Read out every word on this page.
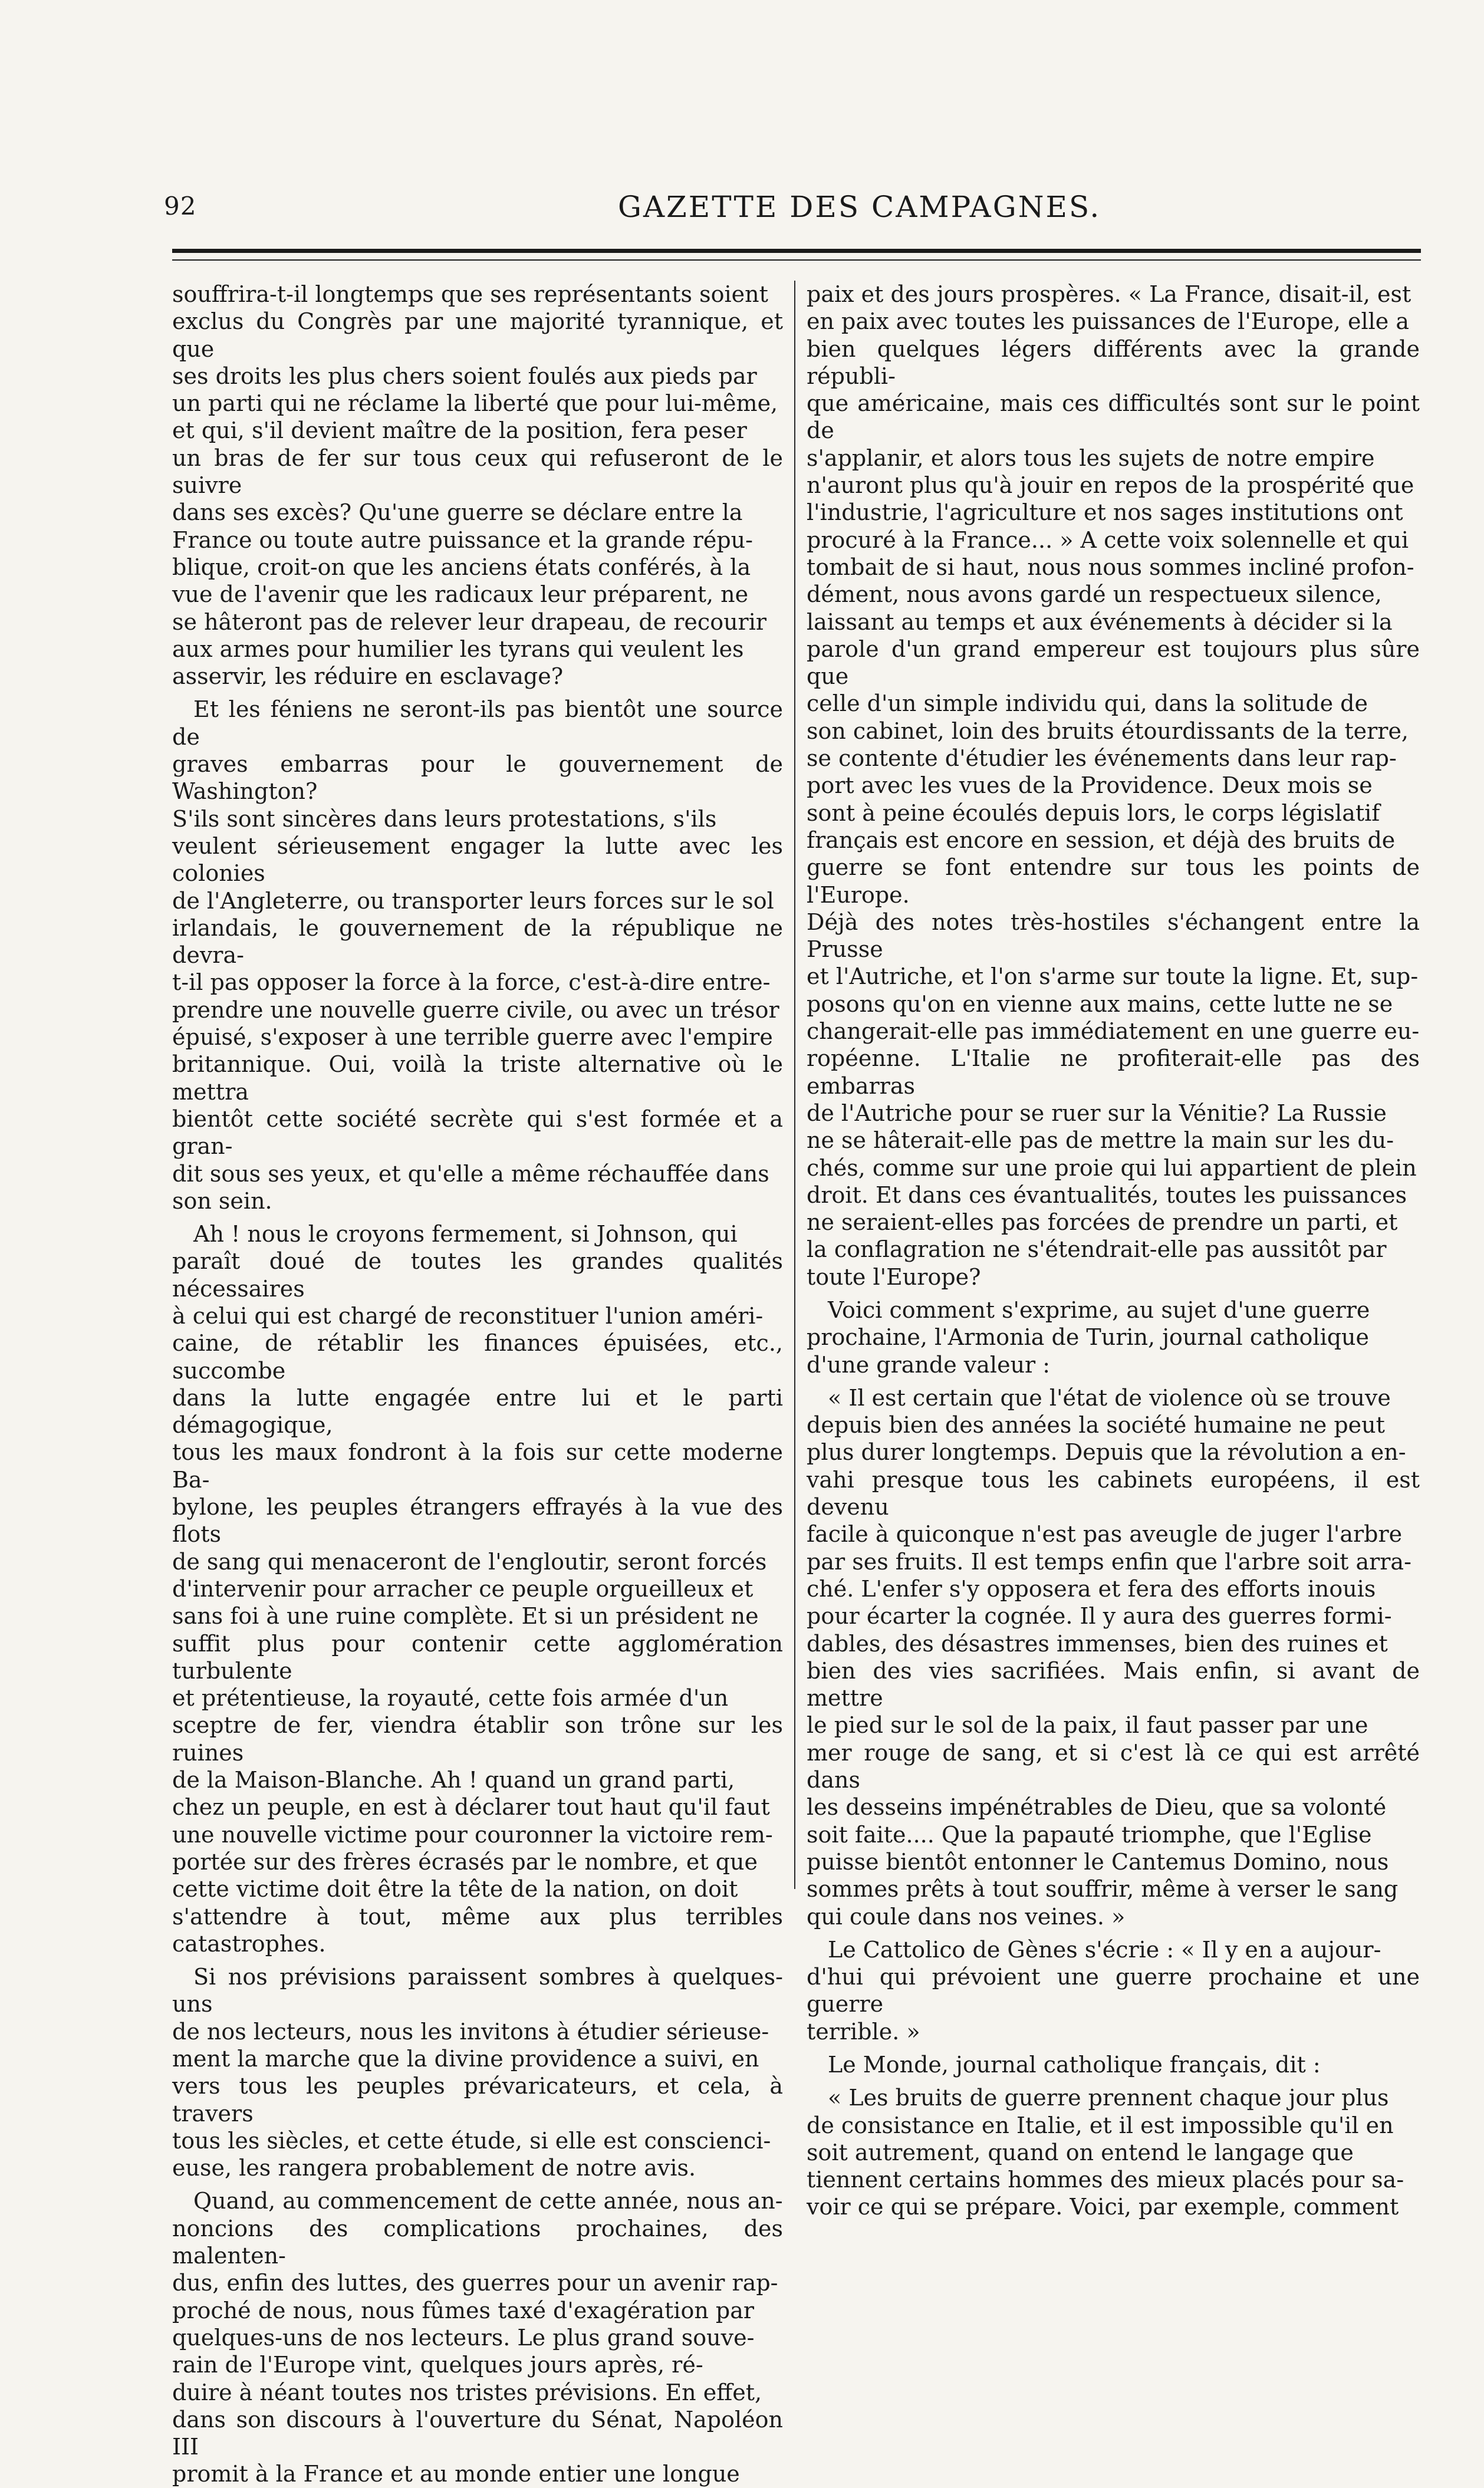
92	GAZETTE DES CAMPAGNES.

souffrira-t-il longtemps que ses représentants soient
exclus du Congrès par une majorité tyrannique, et que
ses droits les plus chers soient foulés aux pieds par
un parti qui ne réclame la liberté que pour lui-même,
et qui, s'il devient maître de la position, fera peser
un bras de fer sur tous ceux qui refuseront de le suivre
dans ses excès? Qu'une guerre se déclare entre la
France ou toute autre puissance et la grande répu-
blique, croit-on que les anciens états conférés, à la
vue de l'avenir que les radicaux leur préparent, ne
se hâteront pas de relever leur drapeau, de recourir
aux armes pour humilier les tyrans qui veulent les
asservir, les réduire en esclavage?

Et les féniens ne seront-ils pas bientôt une source de
graves embarras pour le gouvernement de Washington?
S'ils sont sincères dans leurs protestations, s'ils
veulent sérieusement engager la lutte avec les colonies
de l'Angleterre, ou transporter leurs forces sur le sol
irlandais, le gouvernement de la république ne devra-
t-il pas opposer la force à la force, c'est-à-dire entre-
prendre une nouvelle guerre civile, ou avec un trésor
épuisé, s'exposer à une terrible guerre avec l'empire
britannique. Oui, voilà la triste alternative où le mettra
bientôt cette société secrète qui s'est formée et a gran-
dit sous ses yeux, et qu'elle a même réchauffée dans
son sein.

Ah ! nous le croyons fermement, si Johnson, qui
paraît doué de toutes les grandes qualités nécessaires
à celui qui est chargé de reconstituer l'union améri-
caine, de rétablir les finances épuisées, etc., succombe
dans la lutte engagée entre lui et le parti démagogique,
tous les maux fondront à la fois sur cette moderne Ba-
bylone, les peuples étrangers effrayés à la vue des flots
de sang qui menaceront de l'engloutir, seront forcés
d'intervenir pour arracher ce peuple orgueilleux et
sans foi à une ruine complète. Et si un président ne
suffit plus pour contenir cette agglomération turbulente
et prétentieuse, la royauté, cette fois armée d'un
sceptre de fer, viendra établir son trône sur les ruines
de la Maison-Blanche. Ah ! quand un grand parti,
chez un peuple, en est à déclarer tout haut qu'il faut
une nouvelle victime pour couronner la victoire rem-
portée sur des frères écrasés par le nombre, et que
cette victime doit être la tête de la nation, on doit
s'attendre à tout, même aux plus terribles catastrophes.

Si nos prévisions paraissent sombres à quelques-uns
de nos lecteurs, nous les invitons à étudier sérieuse-
ment la marche que la divine providence a suivi, en
vers tous les peuples prévaricateurs, et cela, à travers
tous les siècles, et cette étude, si elle est conscienci-
euse, les rangera probablement de notre avis.

Quand, au commencement de cette année, nous an-
noncions des complications prochaines, des malenten-
dus, enfin des luttes, des guerres pour un avenir rap-
proché de nous, nous fûmes taxé d'exagération par
quelques-uns de nos lecteurs. Le plus grand souve-
rain de l'Europe vint, quelques jours après, ré-
duire à néant toutes nos tristes prévisions. En effet,
dans son discours à l'ouverture du Sénat, Napoléon III
promit à la France et au monde entier une longue

paix et des jours prospères. « La France, disait-il, est
en paix avec toutes les puissances de l'Europe, elle a
bien quelques légers différents avec la grande républi-
que américaine, mais ces difficultés sont sur le point de
s'applanir, et alors tous les sujets de notre empire
n'auront plus qu'à jouir en repos de la prospérité que
l'industrie, l'agriculture et nos sages institutions ont
procuré à la France... » A cette voix solennelle et qui
tombait de si haut, nous nous sommes incliné profon-
dément, nous avons gardé un respectueux silence,
laissant au temps et aux événements à décider si la
parole d'un grand empereur est toujours plus sûre que
celle d'un simple individu qui, dans la solitude de
son cabinet, loin des bruits étourdissants de la terre,
se contente d'étudier les événements dans leur rap-
port avec les vues de la Providence. Deux mois se
sont à peine écoulés depuis lors, le corps législatif
français est encore en session, et déjà des bruits de
guerre se font entendre sur tous les points de l'Europe.
Déjà des notes très-hostiles s'échangent entre la Prusse
et l'Autriche, et l'on s'arme sur toute la ligne. Et, sup-
posons qu'on en vienne aux mains, cette lutte ne se
changerait-elle pas immédiatement en une guerre eu-
ropéenne. L'Italie ne profiterait-elle pas des embarras
de l'Autriche pour se ruer sur la Vénitie? La Russie
ne se hâterait-elle pas de mettre la main sur les du-
chés, comme sur une proie qui lui appartient de plein
droit. Et dans ces évantualités, toutes les puissances
ne seraient-elles pas forcées de prendre un parti, et
la conflagration ne s'étendrait-elle pas aussitôt par
toute l'Europe?

Voici comment s'exprime, au sujet d'une guerre
prochaine, l'Armonia de Turin, journal catholique
d'une grande valeur :

« Il est certain que l'état de violence où se trouve
depuis bien des années la société humaine ne peut
plus durer longtemps. Depuis que la révolution a en-
vahi presque tous les cabinets européens, il est devenu
facile à quiconque n'est pas aveugle de juger l'arbre
par ses fruits. Il est temps enfin que l'arbre soit arra-
ché. L'enfer s'y opposera et fera des efforts inouis
pour écarter la cognée. Il y aura des guerres formi-
dables, des désastres immenses, bien des ruines et
bien des vies sacrifiées. Mais enfin, si avant de mettre
le pied sur le sol de la paix, il faut passer par une
mer rouge de sang, et si c'est là ce qui est arrêté dans
les desseins impénétrables de Dieu, que sa volonté
soit faite.... Que la papauté triomphe, que l'Eglise
puisse bientôt entonner le Cantemus Domino, nous
sommes prêts à tout souffrir, même à verser le sang
qui coule dans nos veines. »

Le Cattolico de Gènes s'écrie : « Il y en a aujour-
d'hui qui prévoient une guerre prochaine et une guerre
terrible. »

Le Monde, journal catholique français, dit :

« Les bruits de guerre prennent chaque jour plus
de consistance en Italie, et il est impossible qu'il en
soit autrement, quand on entend le langage que
tiennent certains hommes des mieux placés pour sa-
voir ce qui se prépare. Voici, par exemple, comment
